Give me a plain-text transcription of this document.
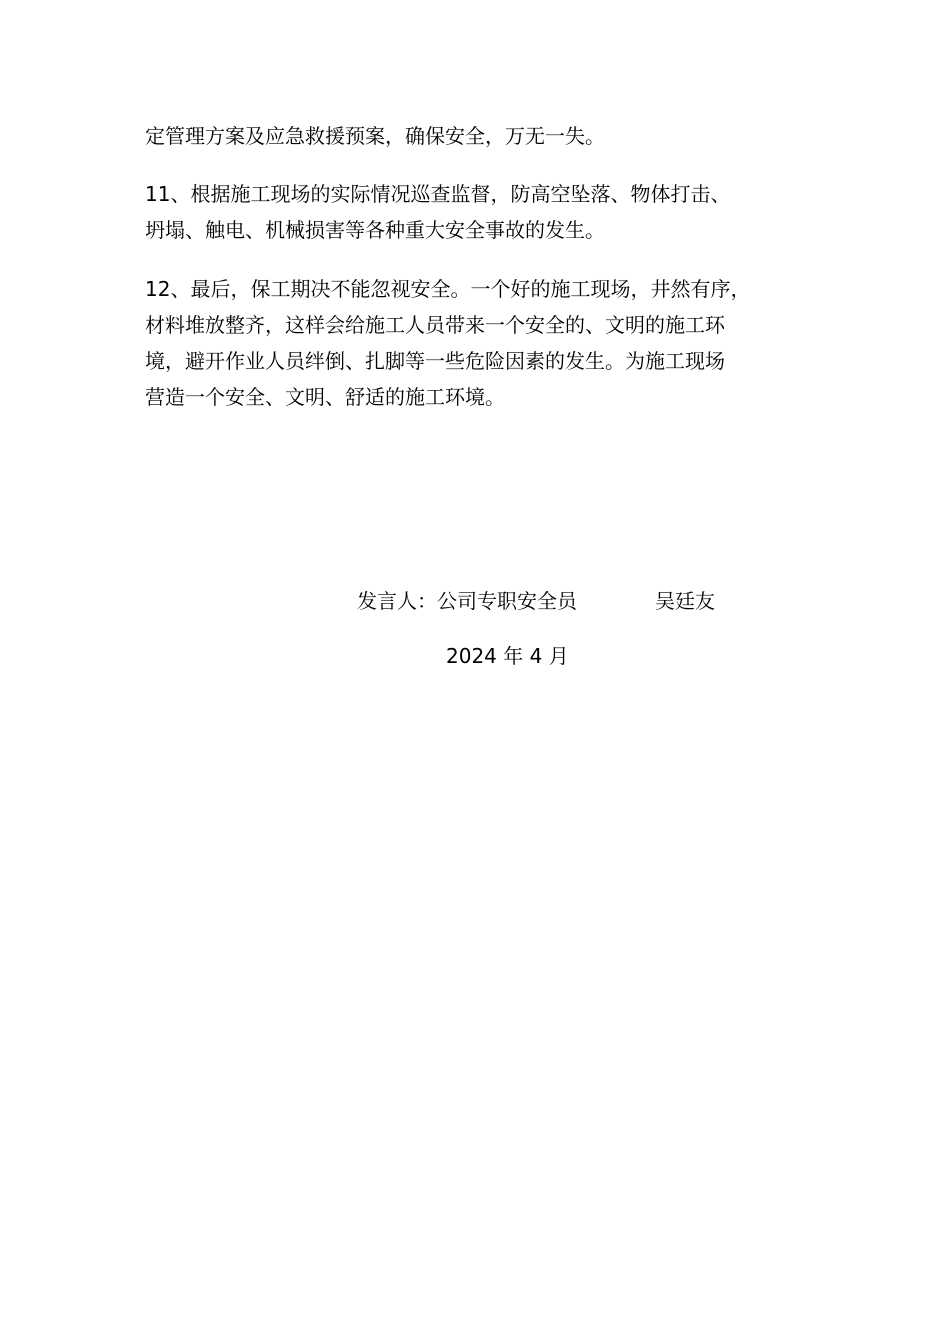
定管理方案及应急救援预案，确保安全，万无一失。

11、根据施工现场的实际情况巡查监督，防高空坠落、物体打击、
坍塌、触电、机械损害等各种重大安全事故的发生。

12、最后，保工期决不能忽视安全。一个好的施工现场，井然有序，
材料堆放整齐，这样会给施工人员带来一个安全的、文明的施工环
境，避开作业人员绊倒、扎脚等一些危险因素的发生。为施工现场
营造一个安全、文明、舒适的施工环境。

发言人：公司专职安全员	吴廷友
2024 年 4 月
